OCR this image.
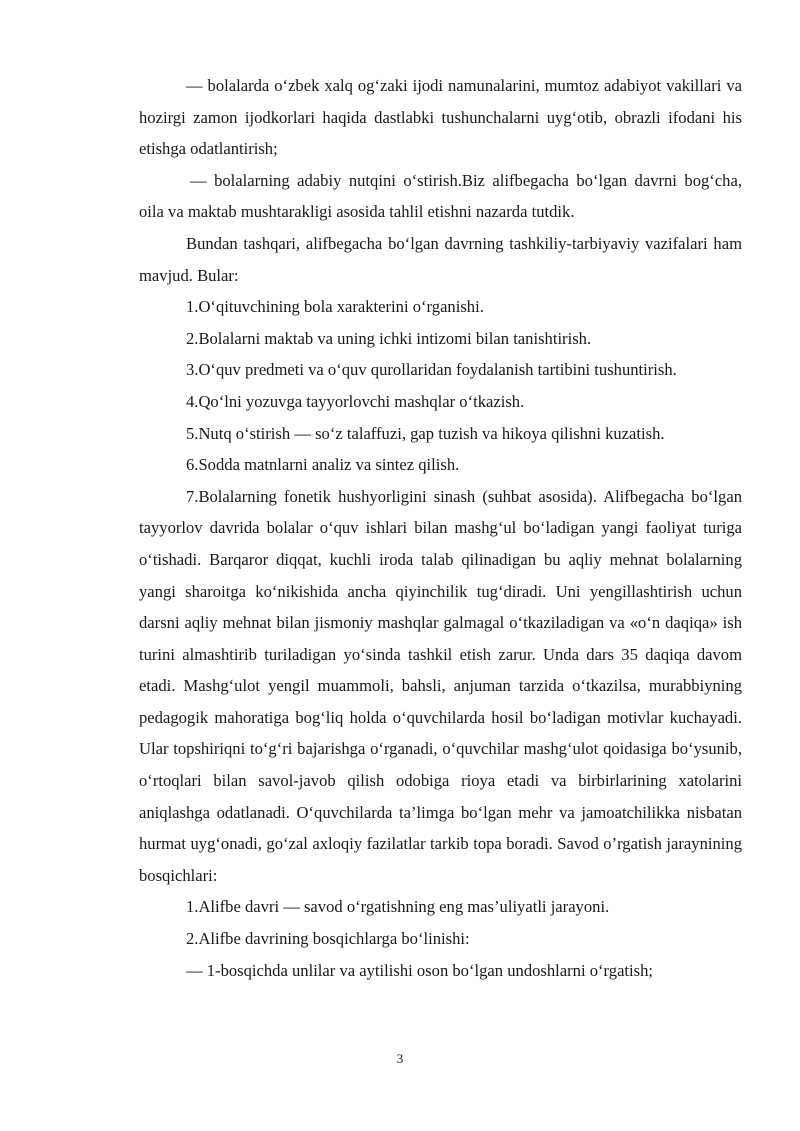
— bolalarda o‘zbek xalq og‘zaki ijodi namunalarini, mumtoz adabiyot vakillari va hozirgi zamon ijodkorlari haqida dastlabki tushunchalarni uyg‘otib, obrazli ifodani his etishga odatlantirish;

— bolalarning adabiy nutqini o‘stirish.Biz alifbegacha bo‘lgan davrni bog‘cha, oila va maktab mushtarakligi asosida tahlil etishni nazarda tutdik.

Bundan tashqari, alifbegacha bo‘lgan davrning tashkiliy-tarbiyaviy vazifalari ham mavjud. Bular:

1.O‘qituvchining bola xarakterini o‘rganishi.

2.Bolalarni maktab va uning ichki intizomi bilan tanishtirish.

3.O‘quv predmeti va o‘quv qurollaridan foydalanish tartibini tushuntirish.

4.Qo‘lni yozuvga tayyorlovchi mashqlar o‘tkazish.

5.Nutq o‘stirish — so‘z talaffuzi, gap tuzish va hikoya qilishni kuzatish.

6.Sodda matnlarni analiz va sintez qilish.

7.Bolalarning fonetik hushyorligini sinash (suhbat asosida). Alifbegacha bo‘lgan tayyorlov davrida bolalar o‘quv ishlari bilan mashg‘ul bo‘ladigan yangi faoliyat turiga o‘tishadi. Barqaror diqqat, kuchli iroda talab qilinadigan bu aqliy mehnat bolalarning yangi sharoitga ko‘nikishida ancha qiyinchilik tug‘diradi. Uni yengillashtirish uchun darsni aqliy mehnat bilan jismoniy mashqlar galmagal o‘tkaziladigan va «o‘n daqiqa» ish turini almashtirib turiladigan yo‘sinda tashkil etish zarur. Unda dars 35 daqiqa davom etadi. Mashg‘ulot yengil muammoli, bahsli, anjuman tarzida o‘tkazilsa, murabbiyning pedagogik mahoratiga bog‘liq holda o‘quvchilarda hosil bo‘ladigan motivlar kuchayadi. Ular topshiriqni to‘g‘ri bajarishga o‘rganadi, o‘quvchilar mashg‘ulot qoidasiga bo‘ysunib, o‘rtoqlari bilan savol-javob qilish odobiga rioya etadi va birbirlarining xatolarini aniqlashga odatlanadi. O‘quvchilarda ta’limga bo‘lgan mehr va jamoatchilikka nisbatan hurmat uyg‘onadi, go‘zal axloqiy fazilatlar tarkib topa boradi. Savod o’rgatish jaraynining bosqichlari:

1.Alifbe davri — savod o‘rgatishning eng mas’uliyatli jarayoni.

2.Alifbe davrining bosqichlarga bo‘linishi:

— 1-bosqichda unlilar va aytilishi oson bo‘lgan undoshlarni o‘rgatish;

3
